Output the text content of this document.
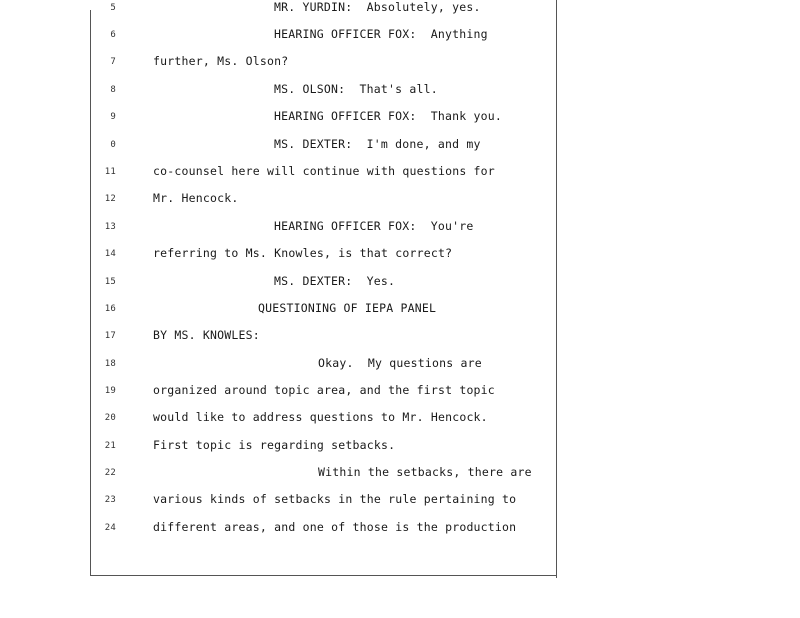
5

	MR. YURDIN:  Absolutely, yes.

6

	HEARING OFFICER FOX:  Anything

7

	further, Ms. Olson?

8

	MS. OLSON:  That's all.

9

	HEARING OFFICER FOX:  Thank you.

0

	MS. DEXTER:  I'm done, and my

11

	co-counsel here will continue with questions for

12

	Mr. Hencock.

13

	HEARING OFFICER FOX:  You're

14

	referring to Ms. Knowles, is that correct?

15

	MS. DEXTER:  Yes.

16

	QUESTIONING OF IEPA PANEL

17

	BY MS. KNOWLES:

18

	Okay.  My questions are

19

	organized around topic area, and the first topic

20

	would like to address questions to Mr. Hencock.

21

	First topic is regarding setbacks.

22

	Within the setbacks, there are

23

	various kinds of setbacks in the rule pertaining to

24

	different areas, and one of those is the production
